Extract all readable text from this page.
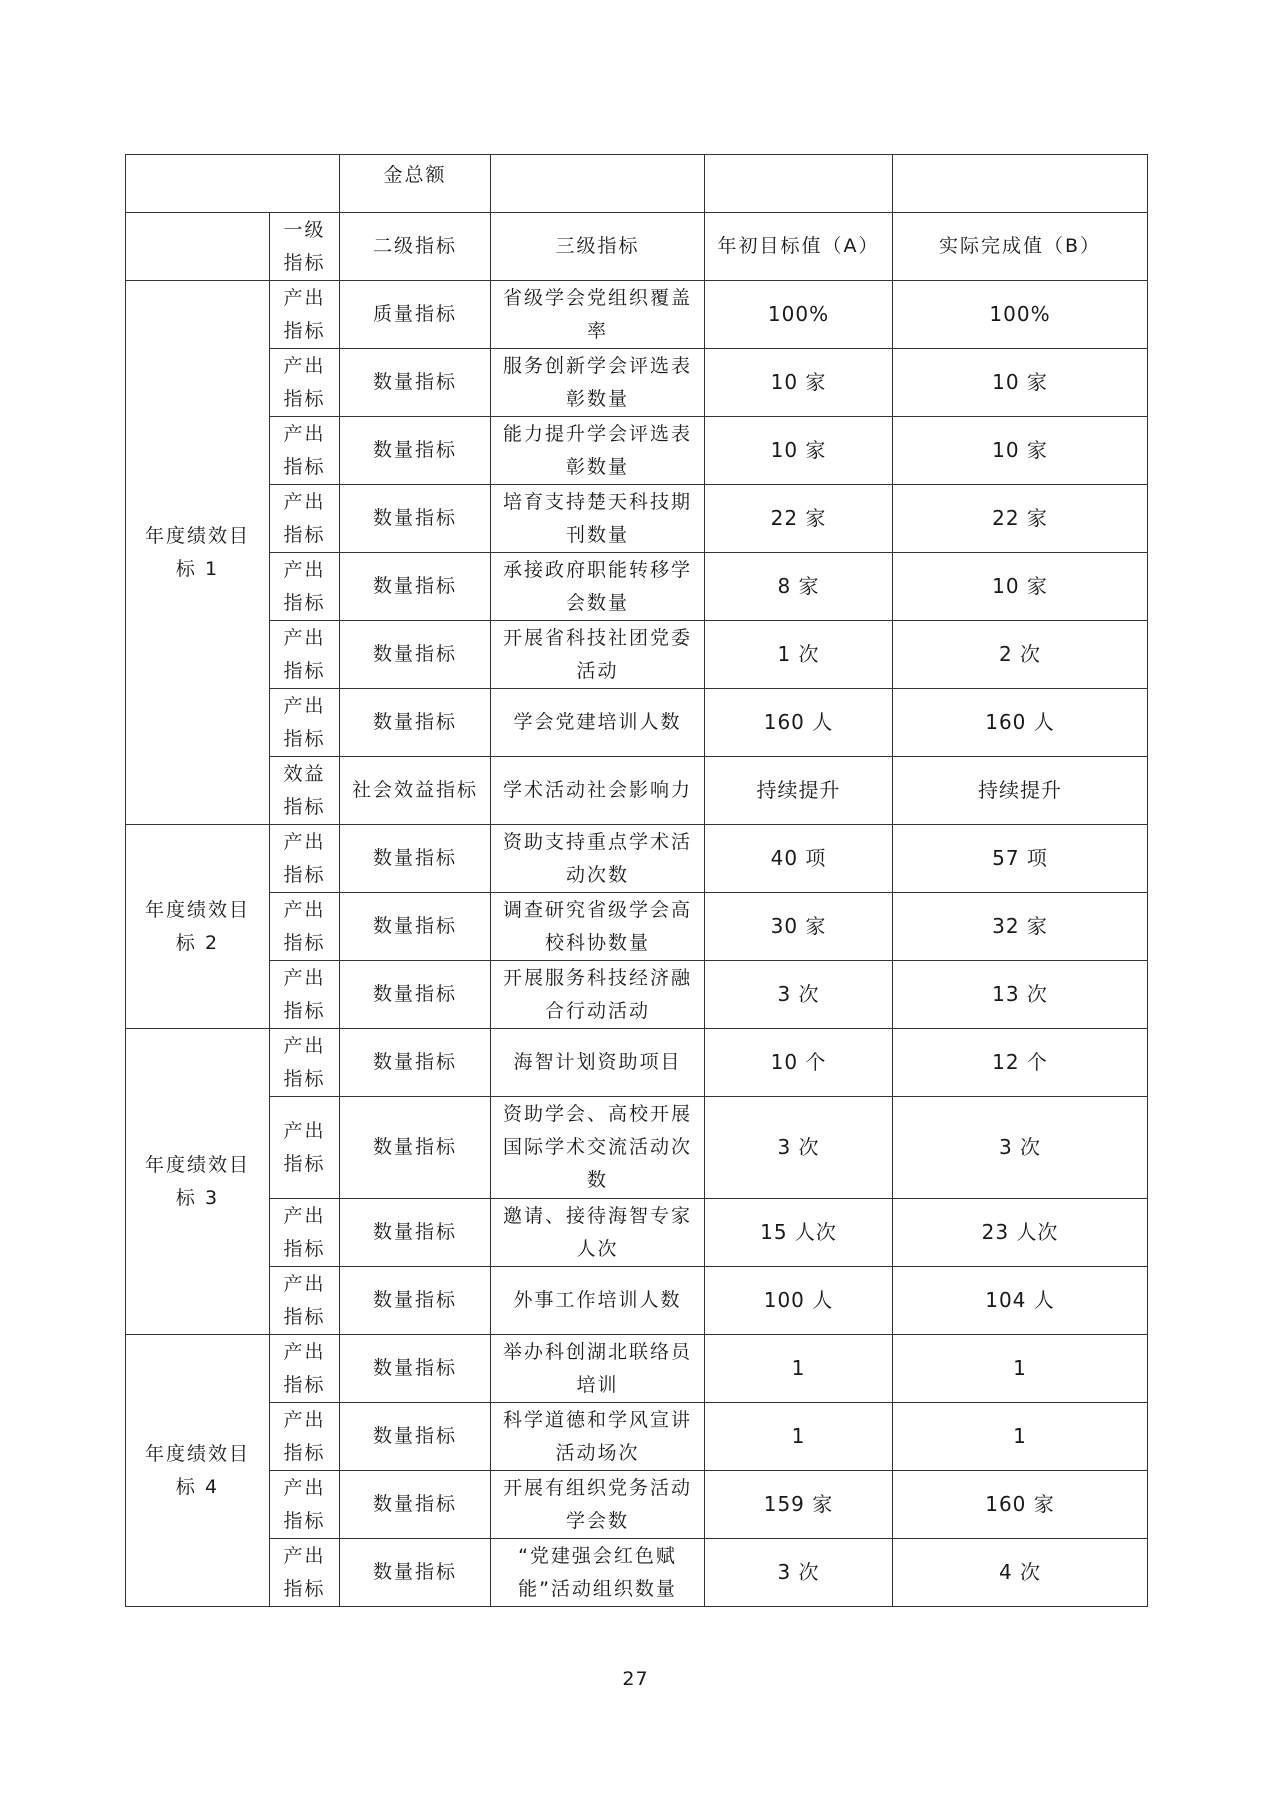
		金总额			
	一级指标	二级指标	三级指标	年初目标值（A）	实际完成值（B）
年度绩效目标 1	产出指标	质量指标	省级学会党组织覆盖率	100%	100%
	产出指标	数量指标	服务创新学会评选表彰数量	10 家	10 家
	产出指标	数量指标	能力提升学会评选表彰数量	10 家	10 家
	产出指标	数量指标	培育支持楚天科技期刊数量	22 家	22 家
	产出指标	数量指标	承接政府职能转移学会数量	8 家	10 家
	产出指标	数量指标	开展省科技社团党委活动	1 次	2 次
	产出指标	数量指标	学会党建培训人数	160 人	160 人
	效益指标	社会效益指标	学术活动社会影响力	持续提升	持续提升
年度绩效目标 2	产出指标	数量指标	资助支持重点学术活动次数	40 项	57 项
	产出指标	数量指标	调查研究省级学会高校科协数量	30 家	32 家
	产出指标	数量指标	开展服务科技经济融合行动活动	3 次	13 次
年度绩效目标 3	产出指标	数量指标	海智计划资助项目	10 个	12 个
	产出指标	数量指标	资助学会、高校开展国际学术交流活动次数	3 次	3 次
	产出指标	数量指标	邀请、接待海智专家人次	15 人次	23 人次
	产出指标	数量指标	外事工作培训人数	100 人	104 人
年度绩效目标 4	产出指标	数量指标	举办科创湖北联络员培训	1	1
	产出指标	数量指标	科学道德和学风宣讲活动场次	1	1
	产出指标	数量指标	开展有组织党务活动学会数	159 家	160 家
	产出指标	数量指标	“党建强会红色赋能”活动组织数量	3 次	4 次
27
